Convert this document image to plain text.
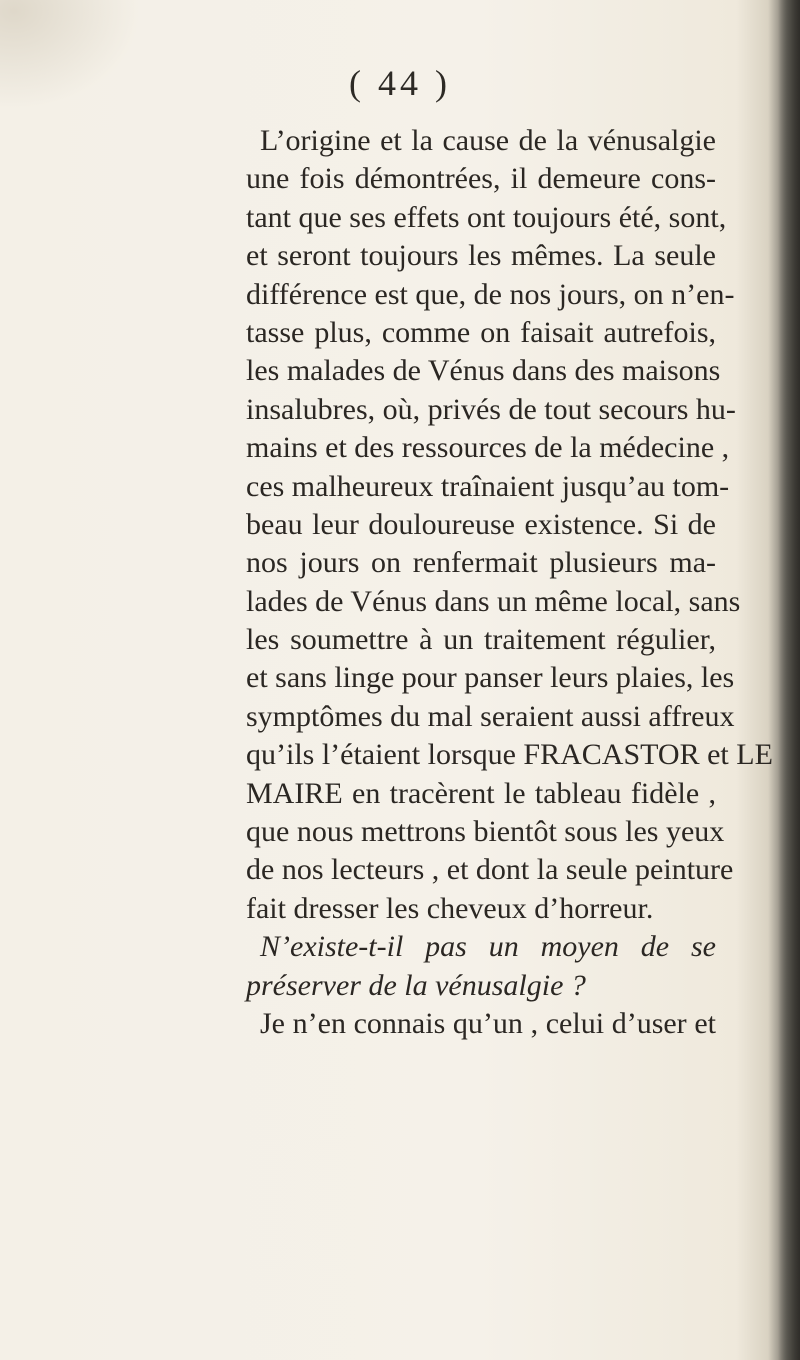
( 44 )
L’origine et la cause de la vénusalgie
une fois démontrées, il demeure cons-
tant que ses effets ont toujours été, sont,
et seront toujours les mêmes. La seule
différence est que, de nos jours, on n’en-
tasse plus, comme on faisait autrefois,
les malades de Vénus dans des maisons
insalubres, où, privés de tout secours hu-
mains et des ressources de la médecine ,
ces malheureux traînaient jusqu’au tom-
beau leur douloureuse existence. Si de
nos jours on renfermait plusieurs ma-
lades de Vénus dans un même local, sans
les soumettre à un traitement régulier,
et sans linge pour panser leurs plaies, les
symptômes du mal seraient aussi affreux
qu’ils l’étaient lorsque FRACASTOR et LE
MAIRE en tracèrent le tableau fidèle ,
que nous mettrons bientôt sous les yeux
de nos lecteurs , et dont la seule peinture
fait dresser les cheveux d’horreur.
N’existe-t-il pas un moyen de se
préserver de la vénusalgie ?
Je n’en connais qu’un , celui d’user et
